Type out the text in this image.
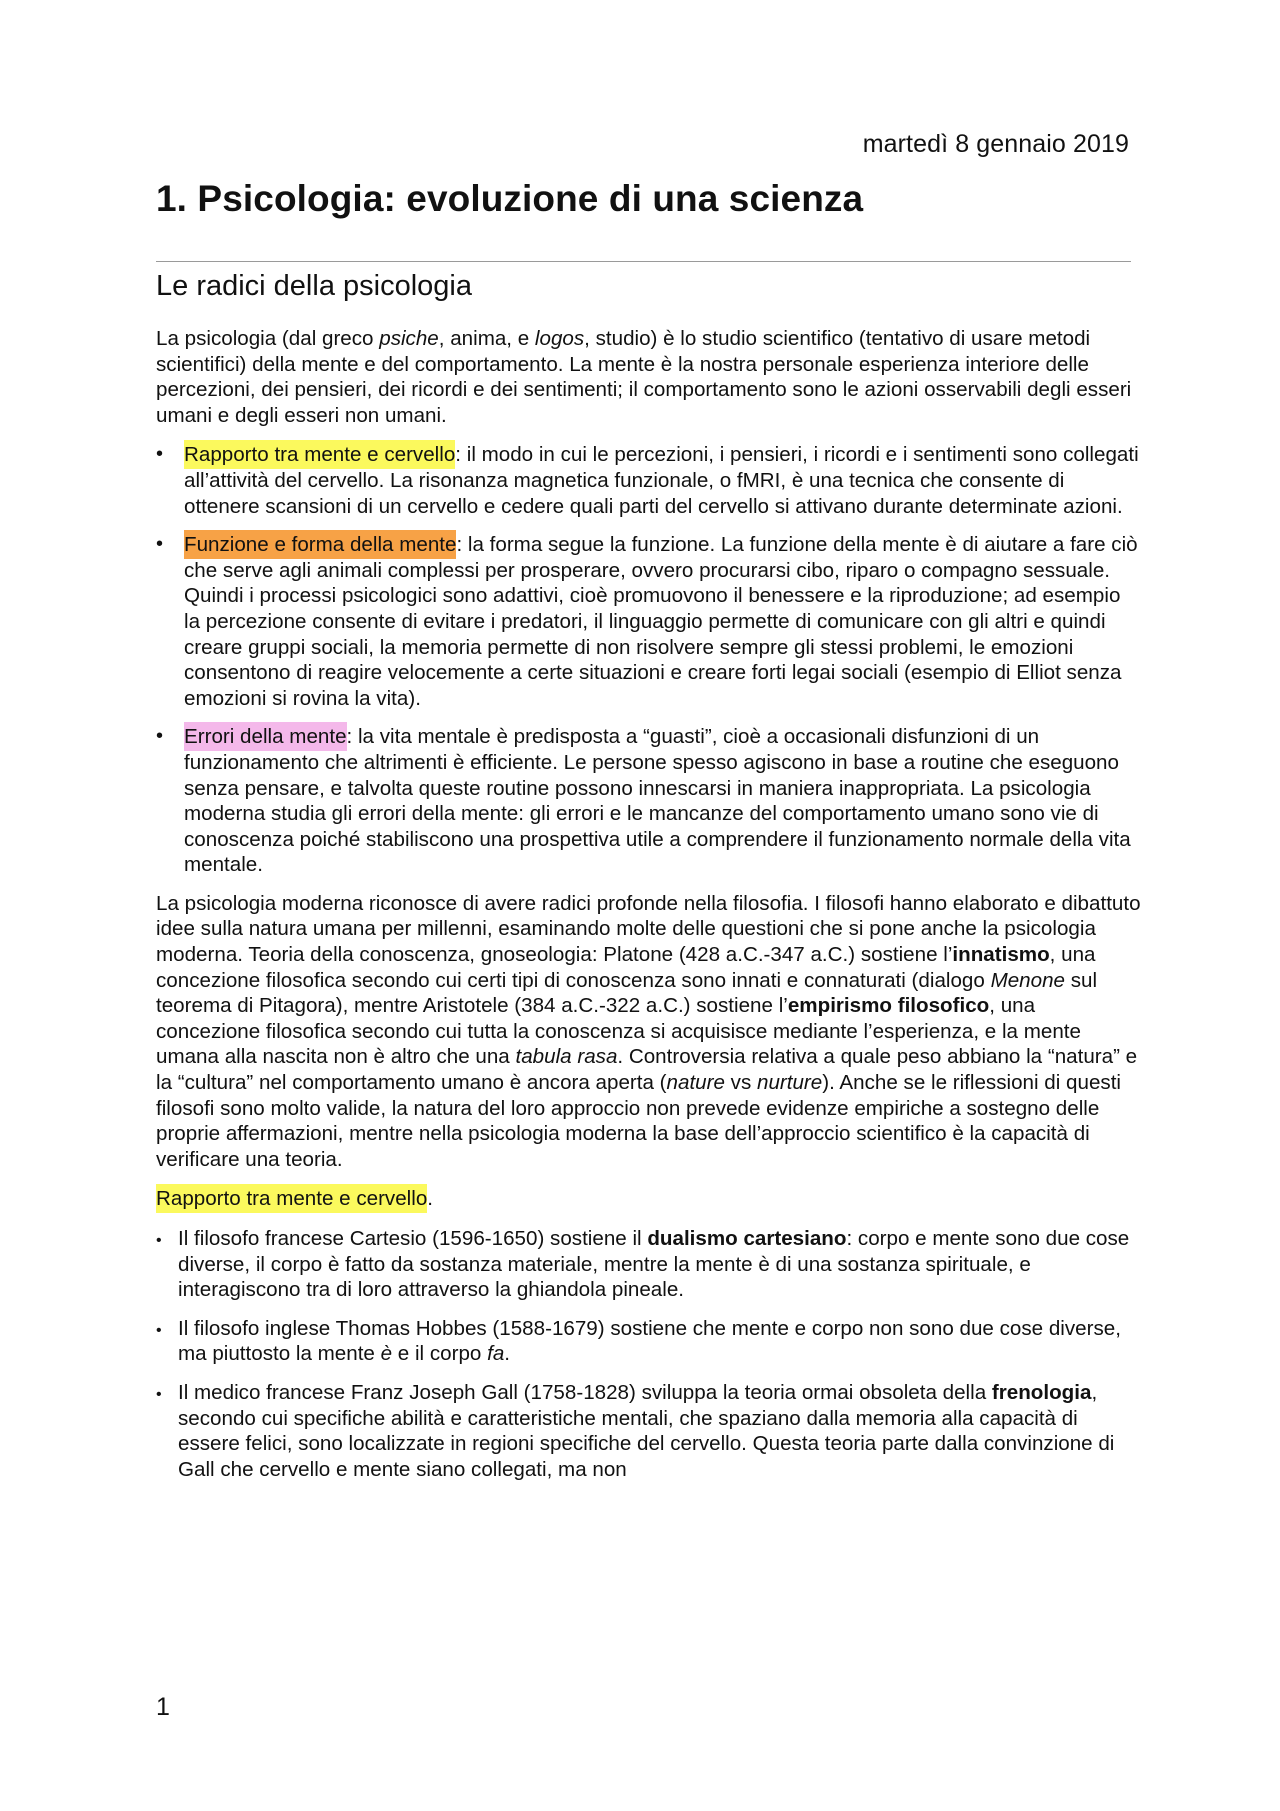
martedì 8 gennaio 2019
1. Psicologia: evoluzione di una scienza
Le radici della psicologia

La psicologia (dal greco psiche, anima, e logos, studio) è lo studio scientifico (tentativo di usare metodi scientifici) della mente e del comportamento. La mente è la nostra personale esperienza interiore delle percezioni, dei pensieri, dei ricordi e dei sentimenti; il comportamento sono le azioni osservabili degli esseri umani e degli esseri non umani.

• Rapporto tra mente e cervello: il modo in cui le percezioni, i pensieri, i ricordi e i sentimenti sono collegati all’attività del cervello. La risonanza magnetica funzionale, o fMRI, è una tecnica che consente di ottenere scansioni di un cervello e cedere quali parti del cervello si attivano durante determinate azioni.
• Funzione e forma della mente: la forma segue la funzione. La funzione della mente è di aiutare a fare ciò che serve agli animali complessi per prosperare, ovvero procurarsi cibo, riparo o compagno sessuale. Quindi i processi psicologici sono adattivi, cioè promuovono il benessere e la riproduzione; ad esempio la percezione consente di evitare i predatori, il linguaggio permette di comunicare con gli altri e quindi creare gruppi sociali, la memoria permette di non risolvere sempre gli stessi problemi, le emozioni consentono di reagire velocemente a certe situazioni e creare forti legai sociali (esempio di Elliot senza emozioni si rovina la vita).
• Errori della mente: la vita mentale è predisposta a “guasti”, cioè a occasionali disfunzioni di un funzionamento che altrimenti è efficiente. Le persone spesso agiscono in base a routine che eseguono senza pensare, e talvolta queste routine possono innescarsi in maniera inappropriata. La psicologia moderna studia gli errori della mente: gli errori e le mancanze del comportamento umano sono vie di conoscenza poiché stabiliscono una prospettiva utile a comprendere il funzionamento normale della vita mentale.

La psicologia moderna riconosce di avere radici profonde nella filosofia. I filosofi hanno elaborato e dibattuto idee sulla natura umana per millenni, esaminando molte delle questioni che si pone anche la psicologia moderna. Teoria della conoscenza, gnoseologia: Platone (428 a.C.-347 a.C.) sostiene l’innatismo, una concezione filosofica secondo cui certi tipi di conoscenza sono innati e connaturati (dialogo Menone sul teorema di Pitagora), mentre Aristotele (384 a.C.-322 a.C.) sostiene l’empirismo filosofico, una concezione filosofica secondo cui tutta la conoscenza si acquisisce mediante l’esperienza, e la mente umana alla nascita non è altro che una tabula rasa. Controversia relativa a quale peso abbiano la “natura” e la “cultura” nel comportamento umano è ancora aperta (nature vs nurture). Anche se le riflessioni di questi filosofi sono molto valide, la natura del loro approccio non prevede evidenze empiriche a sostegno delle proprie affermazioni, mentre nella psicologia moderna la base dell’approccio scientifico è la capacità di verificare una teoria.

Rapporto tra mente e cervello.

• Il filosofo francese Cartesio (1596-1650) sostiene il dualismo cartesiano: corpo e mente sono due cose diverse, il corpo è fatto da sostanza materiale, mentre la mente è di una sostanza spirituale, e interagiscono tra di loro attraverso la ghiandola pineale.
• Il filosofo inglese Thomas Hobbes (1588-1679) sostiene che mente e corpo non sono due cose diverse, ma piuttosto la mente è e il corpo fa.
• Il medico francese Franz Joseph Gall (1758-1828) sviluppa la teoria ormai obsoleta della frenologia, secondo cui specifiche abilità e caratteristiche mentali, che spaziano dalla memoria alla capacità di essere felici, sono localizzate in regioni specifiche del cervello. Questa teoria parte dalla convinzione di Gall che cervello e mente siano collegati, ma non
1
